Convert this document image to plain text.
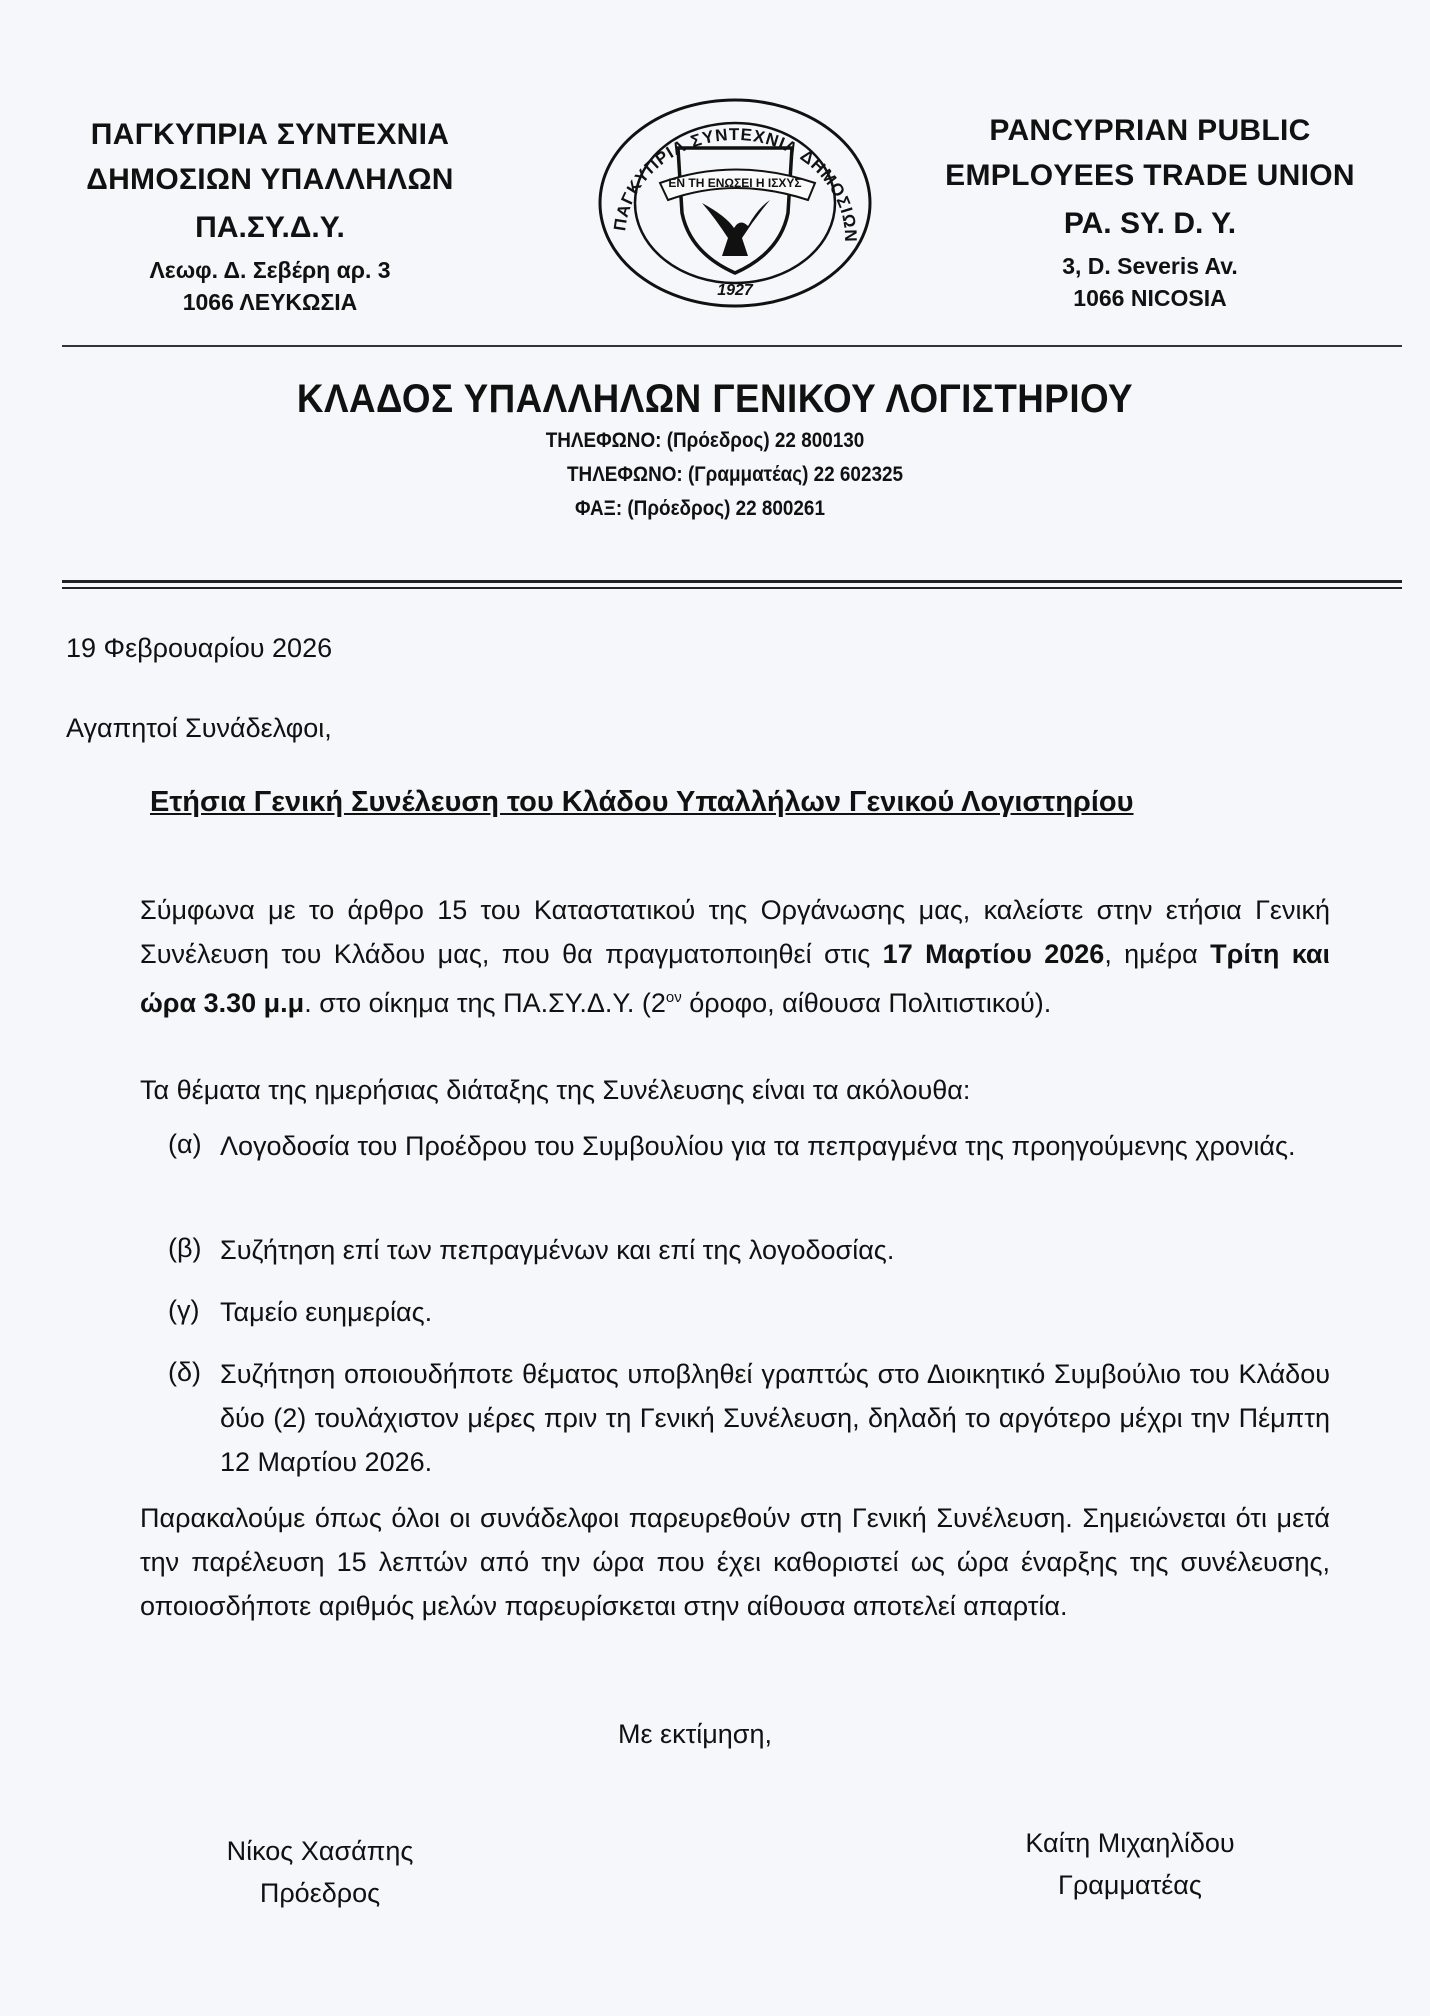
ΠΑΓΚΥΠΡΙΑ ΣΥΝΤΕΧΝΙΑ
ΔΗΜΟΣΙΩΝ ΥΠΑΛΛΗΛΩΝ
ΠΑ.ΣΥ.Δ.Υ.
Λεωφ. Δ. Σεβέρη αρ. 3
1066 ΛΕΥΚΩΣΙΑ
ΠΑΓΚΥΠΡΙΑ ΣΥΝΤΕΧΝΙΑ ΔΗΜΟΣΙΩΝ
ΕΝ ΤΗ ΕΝΩΣΕΙ Η ΙΣΧΥΣ
1927
PANCYPRIAN PUBLIC
EMPLOYEES TRADE UNION
PA. SY. D. Y.
3, D. Severis Av.
1066 NICOSIA
ΚΛΑΔΟΣ ΥΠΑΛΛΗΛΩΝ ΓΕΝΙΚΟΥ ΛΟΓΙΣΤΗΡΙΟΥ
ΤΗΛΕΦΩΝΟ: (Πρόεδρος) 22 800130
ΤΗΛΕΦΩΝΟ: (Γραμματέας) 22 602325
ΦΑΞ: (Πρόεδρος) 22 800261
19 Φεβρουαρίου 2026
Αγαπητοί Συνάδελφοι,
Ετήσια Γενική Συνέλευση του Κλάδου Υπαλλήλων Γενικού Λογιστηρίου
Σύμφωνα με το άρθρο 15 του Καταστατικού της Οργάνωσης μας, καλείστε στην ετήσια Γενική Συνέλευση του Κλάδου μας, που θα πραγματοποιηθεί στις 17 Μαρτίου 2026, ημέρα Τρίτη και ώρα 3.30 μ.μ. στο οίκημα της ΠΑ.ΣΥ.Δ.Υ. ($2^{o\nu}$ όροφο, αίθουσα Πολιτιστικού).
Τα θέματα της ημερήσιας διάταξης της Συνέλευσης είναι τα ακόλουθα:
(α) Λογοδοσία του Προέδρου του Συμβουλίου για τα πεπραγμένα της προηγούμενης χρονιάς.
(β) Συζήτηση επί των πεπραγμένων και επί της λογοδοσίας.
(γ) Ταμείο ευημερίας.
(δ) Συζήτηση οποιουδήποτε θέματος υποβληθεί γραπτώς στο Διοικητικό Συμβούλιο του Κλάδου δύο (2) τουλάχιστον μέρες πριν τη Γενική Συνέλευση, δηλαδή το αργότερο μέχρι την Πέμπτη 12 Μαρτίου 2026.
Παρακαλούμε όπως όλοι οι συνάδελφοι παρευρεθούν στη Γενική Συνέλευση. Σημειώνεται ότι μετά την παρέλευση 15 λεπτών από την ώρα που έχει καθοριστεί ως ώρα έναρξης της συνέλευσης, οποιοσδήποτε αριθμός μελών παρευρίσκεται στην αίθουσα αποτελεί απαρτία.
Με εκτίμηση,
Νίκος Χασάπης
Πρόεδρος
Καίτη Μιχαηλίδου
Γραμματέας
